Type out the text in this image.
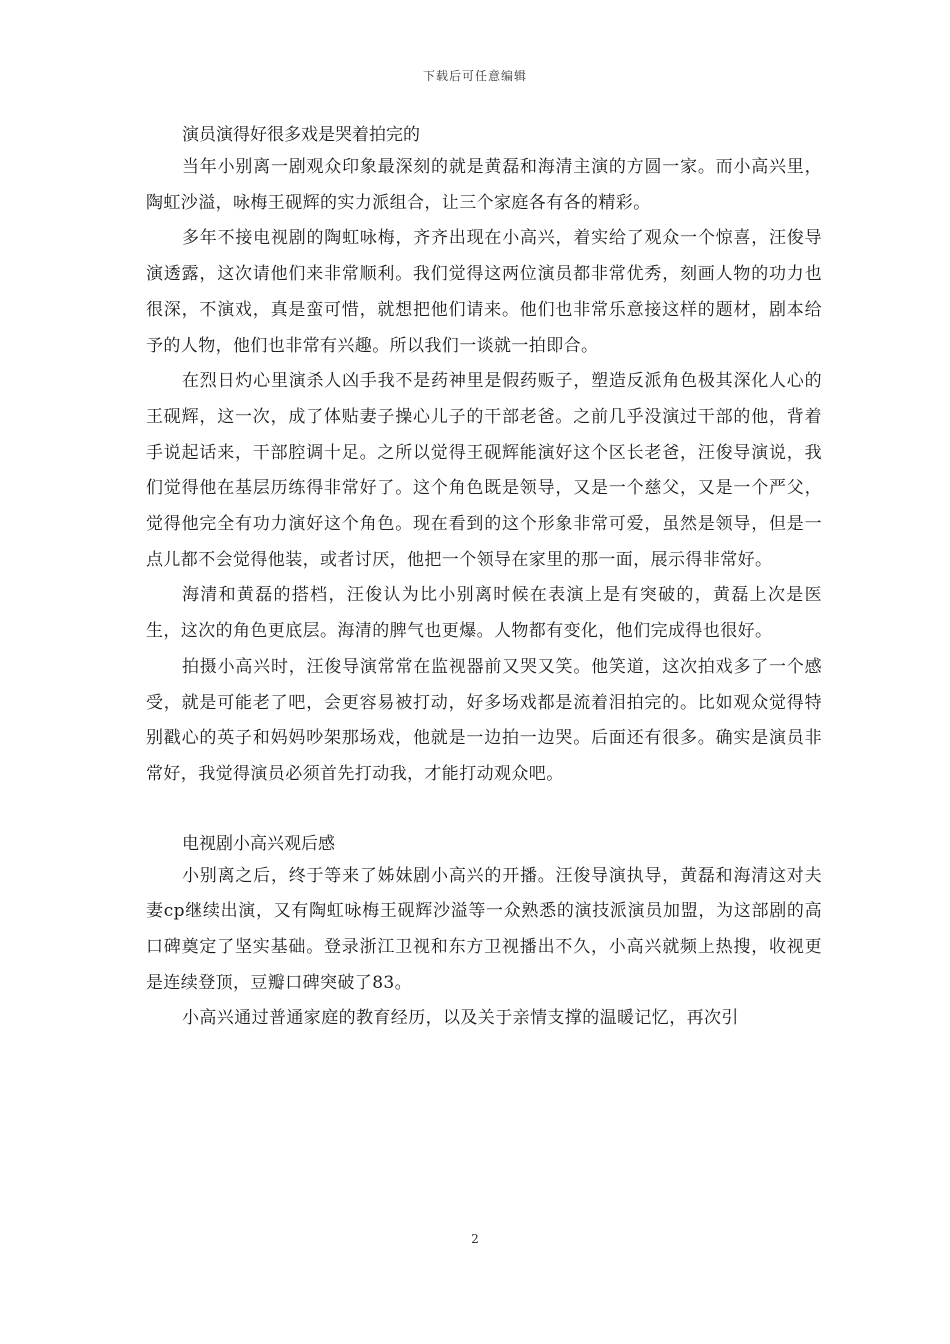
下载后可任意编辑

演员演得好很多戏是哭着拍完的

当年小别离一剧观众印象最深刻的就是黄磊和海清主演的方圆一家。而小高兴里，陶虹沙溢，咏梅王砚辉的实力派组合，让三个家庭各有各的精彩。

多年不接电视剧的陶虹咏梅，齐齐出现在小高兴，着实给了观众一个惊喜，汪俊导演透露，这次请他们来非常顺利。我们觉得这两位演员都非常优秀，刻画人物的功力也很深，不演戏，真是蛮可惜，就想把他们请来。他们也非常乐意接这样的题材，剧本给予的人物，他们也非常有兴趣。所以我们一谈就一拍即合。

在烈日灼心里演杀人凶手我不是药神里是假药贩子，塑造反派角色极其深化人心的王砚辉，这一次，成了体贴妻子操心儿子的干部老爸。之前几乎没演过干部的他，背着手说起话来，干部腔调十足。之所以觉得王砚辉能演好这个区长老爸，汪俊导演说，我们觉得他在基层历练得非常好了。这个角色既是领导，又是一个慈父，又是一个严父，觉得他完全有功力演好这个角色。现在看到的这个形象非常可爱，虽然是领导，但是一点儿都不会觉得他装，或者讨厌，他把一个领导在家里的那一面，展示得非常好。

海清和黄磊的搭档，汪俊认为比小别离时候在表演上是有突破的，黄磊上次是医生，这次的角色更底层。海清的脾气也更爆。人物都有变化，他们完成得也很好。

拍摄小高兴时，汪俊导演常常在监视器前又哭又笑。他笑道，这次拍戏多了一个感受，就是可能老了吧，会更容易被打动，好多场戏都是流着泪拍完的。比如观众觉得特别戳心的英子和妈妈吵架那场戏，他就是一边拍一边哭。后面还有很多。确实是演员非常好，我觉得演员必须首先打动我，才能打动观众吧。

电视剧小高兴观后感

小别离之后，终于等来了姊妹剧小高兴的开播。汪俊导演执导，黄磊和海清这对夫妻cp继续出演，又有陶虹咏梅王砚辉沙溢等一众熟悉的演技派演员加盟，为这部剧的高口碑奠定了坚实基础。登录浙江卫视和东方卫视播出不久，小高兴就频上热搜，收视更是连续登顶，豆瓣口碑突破了83。

小高兴通过普通家庭的教育经历，以及关于亲情支撑的温暖记忆，再次引

2
